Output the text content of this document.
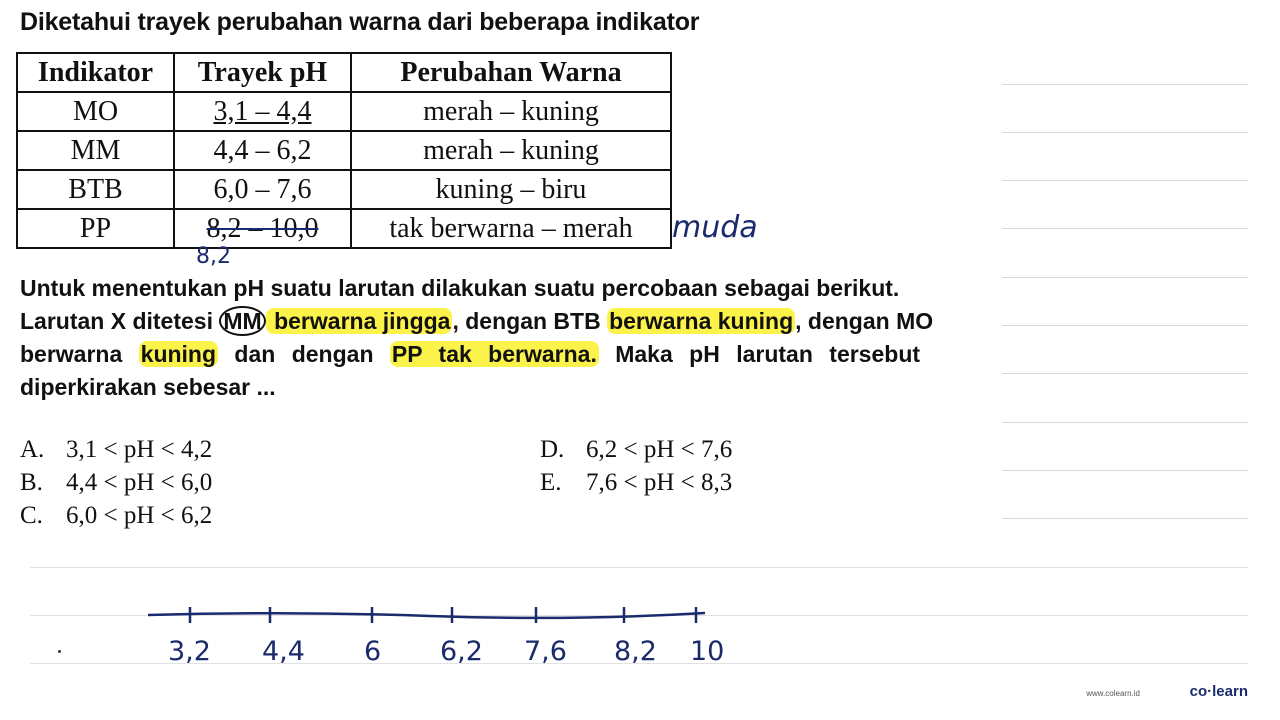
Diketahui trayek perubahan warna dari beberapa indikator
Indikator	Trayek pH	Perubahan Warna
MO	3,1 – 4,4	merah – kuning
MM	4,4 – 6,2	merah – kuning
BTB	6,0 – 7,6	kuning – biru
PP	8,2 – 10,0	tak berwarna – merah muda
8,2

Untuk menentukan pH suatu larutan dilakukan suatu percobaan sebagai berikut.

Larutan X ditetesi MM berwarna jingga, dengan BTB berwarna kuning, dengan MO

berwarna kuning dan dengan PP tak berwarna. Maka pH larutan tersebut

diperkirakan sebesar ...

A. 3,1 < pH < 4,2
B. 4,4 < pH < 6,0
C. 6,0 < pH < 6,2
D. 6,2 < pH < 7,6
E. 7,6 < pH < 8,3
3,2 4,4 6 6,2 7,6 8,2 10
www.colearn.id	co·learn
